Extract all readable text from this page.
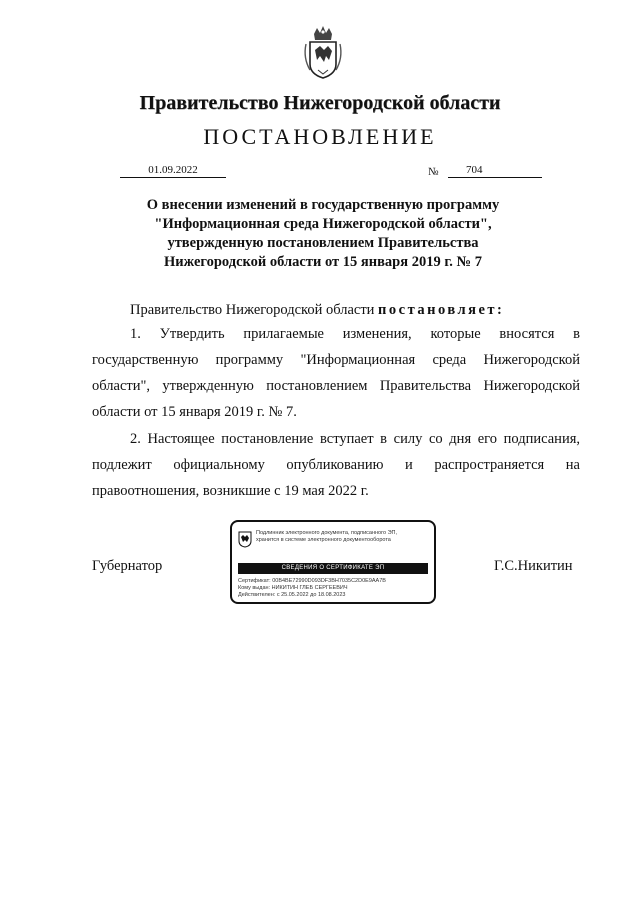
Правительство Нижегородской области
ПОСТАНОВЛЕНИЕ
01.09.2022	№	704
О внесении изменений в государственную программу
"Информационная среда Нижегородской области",
утвержденную постановлением Правительства
Нижегородской области от 15 января 2019 г. № 7
Правительство Нижегородской области постановляет:
1. Утвердить прилагаемые изменения, которые вносятся в государственную программу "Информационная среда Нижегородской области", утвержденную постановлением Правительства Нижегородской области от 15 января 2019 г. № 7.
2. Настоящее постановление вступает в силу со дня его подписания, подлежит официальному опубликованию и распространяется на правоотношения, возникшие с 19 мая 2022 г.
Губернатор	Г.С.Никитин
Подлинник электронного документа, подписанного ЭП,
хранится в системе электронного документооборота
СВЕДЕНИЯ О СЕРТИФИКАТЕ ЭП
Сертификат: 00B4BE72990D093DF3BH7035C2D0E9AA7B
Кому выдан: НИКИТИН ГЛЕБ СЕРГЕЕВИЧ
Действителен: с 25.05.2022 до 18.08.2023
